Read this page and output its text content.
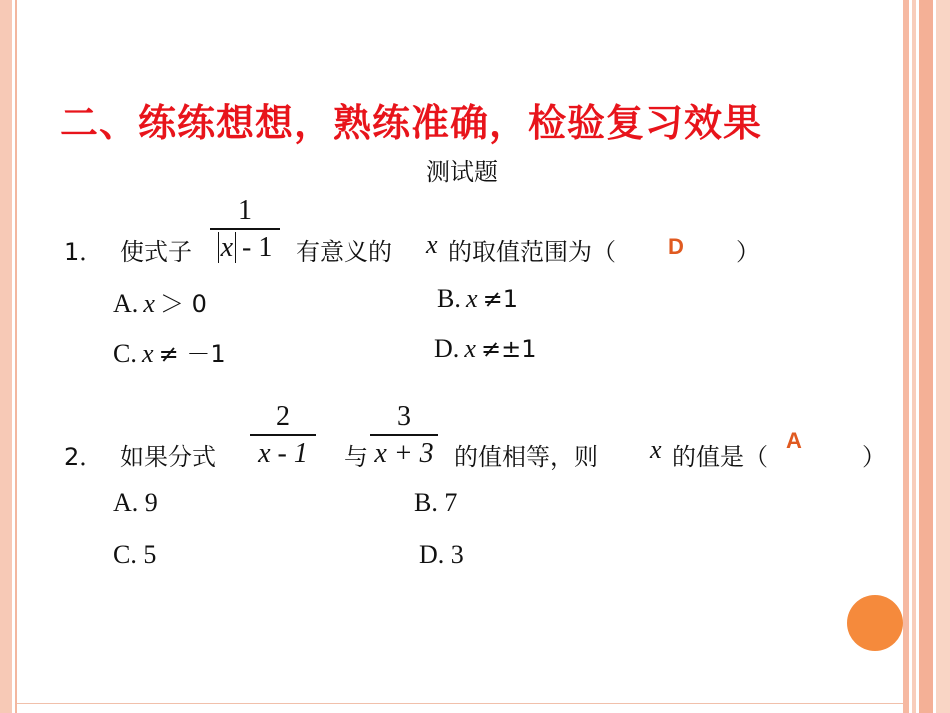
二、练练想想，熟练准确，检验复习效果
测试题
1． 使式子
1
x - 1 有意义的 x 的取值范围为（ D ）
A. x ＞ 0	B. x ≠1
C. x ≠ －1	D. x ≠±1
2． 如果分式
2
x - 1	与
3
x + 3 的值相等，则 x 的值是（
A
）
A. 9	B. 7
C. 5	D. 3
